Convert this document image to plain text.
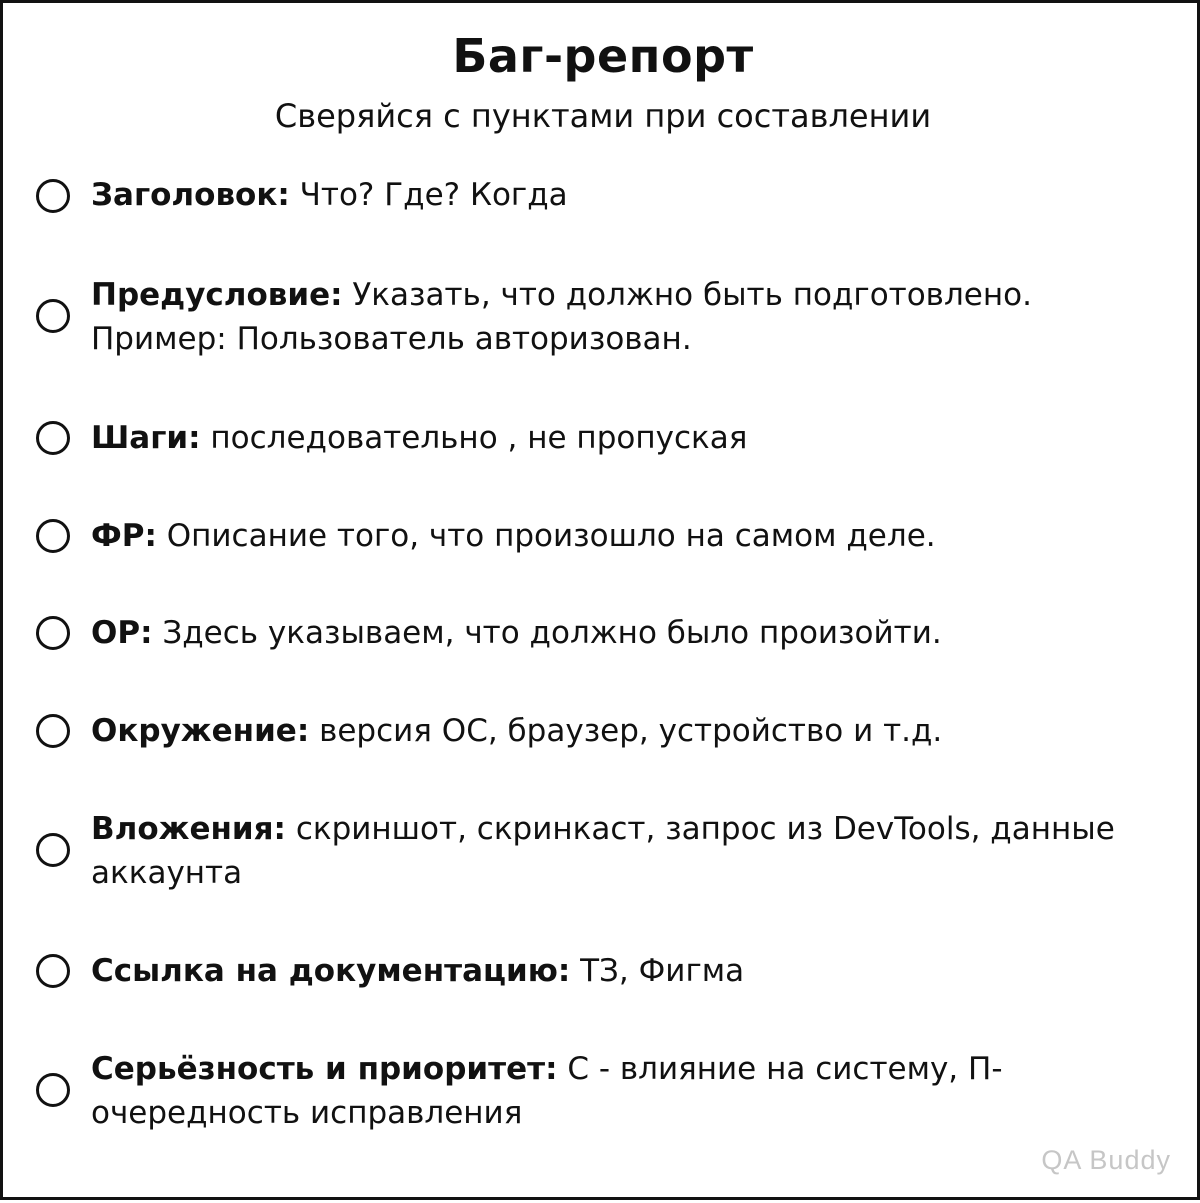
Баг-репорт
Сверяйся с пунктами при составлении
Заголовок: Что? Где? Когда
Предусловие: Указать, что должно быть подготовлено. Пример: Пользователь авторизован.
Шаги: последовательно , не пропуская
ФР: Описание того, что произошло на самом деле.
ОР: Здесь указываем, что должно было произойти.
Окружение: версия ОС, браузер, устройство и т.д.
Вложения: скриншот, скринкаст, запрос из DevTools, данные аккаунта
Ссылка на документацию: ТЗ, Фигма
Серьёзность и приоритет: С - влияние на систему, П- очередность исправления
QA Buddy
